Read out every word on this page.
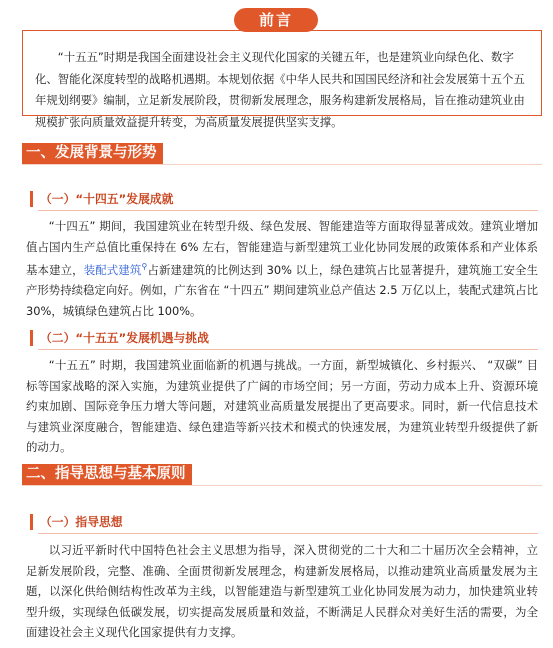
“十五五”时期是我国全面建设社会主义现代化国家的关键五年，也是建筑业向绿色化、数字化、智能化深度转型的战略机遇期。本规划依据《中华人民共和国国民经济和社会发展第十五个五年规划纲要》编制，立足新发展阶段，贯彻新发展理念，服务构建新发展格局，旨在推动建筑业由规模扩张向质量效益提升转变，为高质量发展提供坚实支撑。
前言
一、发展背景与形势
（一）“十四五”发展成就
“十四五” 期间，我国建筑业在转型升级、绿色发展、智能建造等方面取得显著成效。建筑业增加值占国内生产总值比重保持在 6% 左右，智能建造与新型建筑工业化协同发展的政策体系和产业体系基本建立，装配式建筑⚲占新建建筑的比例达到 30% 以上，绿色建筑占比显著提升，建筑施工安全生产形势持续稳定向好。例如，广东省在 “十四五” 期间建筑业总产值达 2.5 万亿以上，装配式建筑占比 30%，城镇绿色建筑占比 100%。
（二）“十五五”发展机遇与挑战
“十五五” 时期，我国建筑业面临新的机遇与挑战。一方面，新型城镇化、乡村振兴、 “双碳” 目标等国家战略的深入实施，为建筑业提供了广阔的市场空间；另一方面，劳动力成本上升、资源环境约束加剧、国际竞争压力增大等问题，对建筑业高质量发展提出了更高要求。同时，新一代信息技术与建筑业深度融合，智能建造、绿色建造等新兴技术和模式的快速发展，为建筑业转型升级提供了新的动力。
二、指导思想与基本原则
（一）指导思想
以习近平新时代中国特色社会主义思想为指导，深入贯彻党的二十大和二十届历次全会精神，立足新发展阶段，完整、准确、全面贯彻新发展理念，构建新发展格局，以推动建筑业高质量发展为主题，以深化供给侧结构性改革为主线，以智能建造与新型建筑工业化协同发展为动力，加快建筑业转型升级，实现绿色低碳发展，切实提高发展质量和效益，不断满足人民群众对美好生活的需要，为全面建设社会主义现代化国家提供有力支撑。
